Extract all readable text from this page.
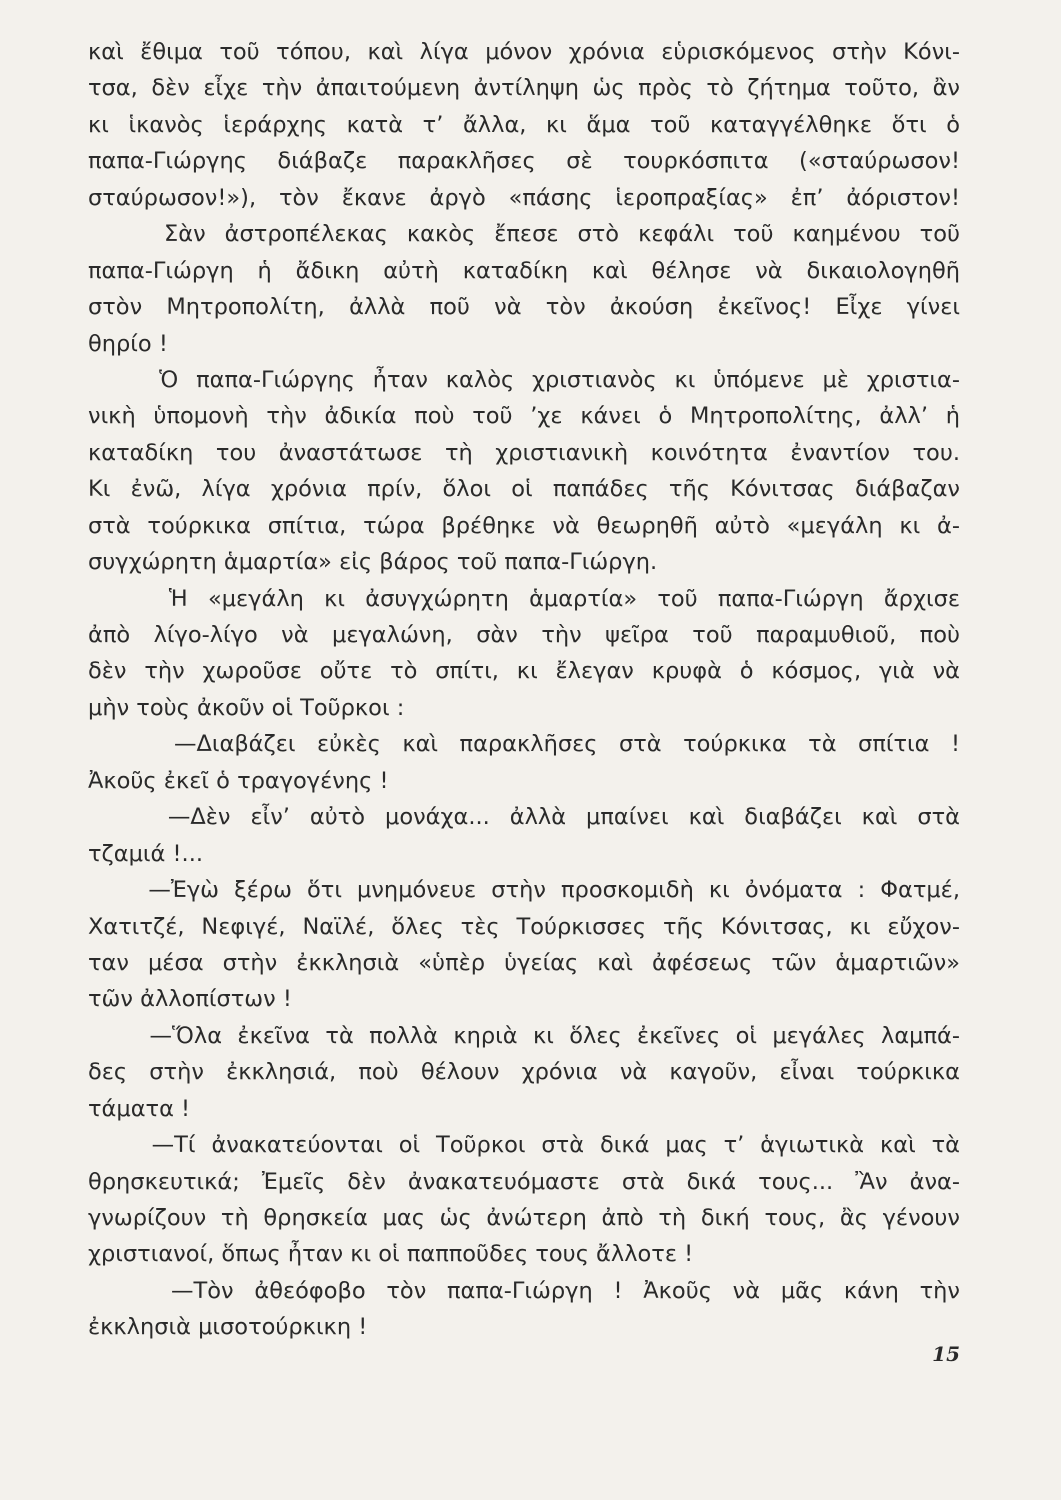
καὶ ἔθιμα τοῦ τόπου, καὶ λίγα μόνον χρόνια εὑρισκόμενος στὴν Κόνι-
τσα, δὲν εἶχε τὴν ἀπαιτούμενη ἀντίληψη ὡς πρὸς τὸ ζήτημα τοῦτο, ἂν
κι ἱκανὸς ἱεράρχης κατὰ τ’ ἄλλα, κι ἅμα τοῦ καταγγέλθηκε ὅτι ὁ
παπα-Γιώργης διάβαζε παρακλῆσες σὲ τουρκόσπιτα («σταύρωσον!
σταύρωσον!»), τὸν ἔκανε ἀργὸ «πάσης ἱεροπραξίας» ἐπ’ ἀόριστον!
Σὰν ἀστροπέλεκας κακὸς ἔπεσε στὸ κεφάλι τοῦ καημένου τοῦ
παπα-Γιώργη ἡ ἄδικη αὐτὴ καταδίκη καὶ θέλησε νὰ δικαιολογηθῆ
στὸν Μητροπολίτη, ἀλλὰ ποῦ νὰ τὸν ἀκούση ἐκεῖνος! Εἶχε γίνει
θηρίο !
Ὁ παπα-Γιώργης ἦταν καλὸς χριστιανὸς κι ὑπόμενε μὲ χριστια-
νικὴ ὑπομονὴ τὴν ἀδικία ποὺ τοῦ ’χε κάνει ὁ Μητροπολίτης, ἀλλ’ ἡ
καταδίκη του ἀναστάτωσε τὴ χριστιανικὴ κοινότητα ἐναντίον του.
Κι ἐνῶ, λίγα χρόνια πρίν, ὅλοι οἱ παπάδες τῆς Κόνιτσας διάβαζαν
στὰ τούρκικα σπίτια, τώρα βρέθηκε νὰ θεωρηθῆ αὐτὸ «μεγάλη κι ἀ-
συγχώρητη ἁμαρτία» εἰς βάρος τοῦ παπα-Γιώργη.
Ἡ «μεγάλη κι ἀσυγχώρητη ἁμαρτία» τοῦ παπα-Γιώργη ἄρχισε
ἀπὸ λίγο-λίγο νὰ μεγαλώνη, σὰν τὴν ψεῖρα τοῦ παραμυθιοῦ, ποὺ
δὲν τὴν χωροῦσε οὔτε τὸ σπίτι, κι ἔλεγαν κρυφὰ ὁ κόσμος, γιὰ νὰ
μὴν τοὺς ἀκοῦν οἱ Τοῦρκοι :
—Διαβάζει εὐκὲς καὶ παρακλῆσες στὰ τούρκικα τὰ σπίτια !
Ἀκοῦς ἐκεῖ ὁ τραγογένης !
—Δὲν εἶν’ αὐτὸ μονάχα... ἀλλὰ μπαίνει καὶ διαβάζει καὶ στὰ
τζαμιά !...
—Ἐγὼ ξέρω ὅτι μνημόνευε στὴν προσκομιδὴ κι ὀνόματα : Φατμέ,
Χατιτζέ, Νεφιγέ, Ναϊλέ, ὅλες τὲς Τούρκισσες τῆς Κόνιτσας, κι εὔχον-
ταν μέσα στὴν ἐκκλησιὰ «ὑπὲρ ὑγείας καὶ ἀφέσεως τῶν ἁμαρτιῶν»
τῶν ἀλλοπίστων !
—Ὅλα ἐκεῖνα τὰ πολλὰ κηριὰ κι ὅλες ἐκεῖνες οἱ μεγάλες λαμπά-
δες στὴν ἐκκλησιά, ποὺ θέλουν χρόνια νὰ καγοῦν, εἶναι τούρκικα
τάματα !
—Τί ἀνακατεύονται οἱ Τοῦρκοι στὰ δικά μας τ’ ἁγιωτικὰ καὶ τὰ
θρησκευτικά; Ἐμεῖς δὲν ἀνακατευόμαστε στὰ δικά τους... Ἂν ἀνα-
γνωρίζουν τὴ θρησκεία μας ὡς ἀνώτερη ἀπὸ τὴ δική τους, ἂς γένουν
χριστιανοί, ὅπως ἦταν κι οἱ παπποῦδες τους ἄλλοτε !
—Τὸν ἀθεόφοβο τὸν παπα-Γιώργη ! Ἀκοῦς νὰ μᾶς κάνη τὴν
ἐκκλησιὰ μισοτούρκικη !
15
